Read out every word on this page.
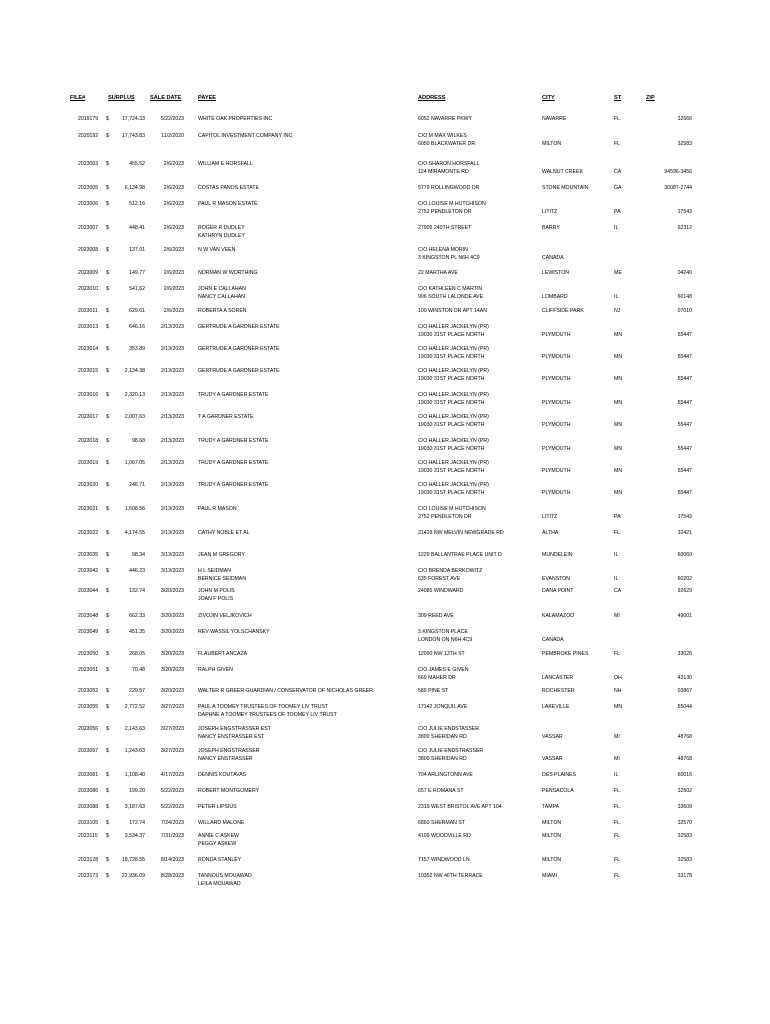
FILE#	SURPLUS	SALE DATE	PAYEE	ADDRESS	CITY	ST	ZIP
2019179 $	17,724.33	5/22/2023	WHITE OAK PROPERTIES INC	6052 NAVARRE PKWY	NAVARRE	FL	32566
2020192 $	17,743.83	11/2/2020	CAPITOL INVESTMENT COMPANY INC	C/O M MAX WILKES
6050 BLACKWATER DR	MILTON	FL	32583
2023003 $	455.52	2/6/2023	WILLIAM E HORSFALL	C/O SHARON HORSFALL
124 MIRAMONTE RD	WALNUT CREEK	CA	94596-3456
2023005 $	6,134.98	2/6/2023	COSTAS PANOS ESTATE	5779 ROLLINGWOOD DR	STONE MOUNTAIN	GA	30087-2744
2023006 $	512.16	2/6/2023	PAUL R MASON ESTATE	C/O LOUISE M HUTCHISON
2752 PENDLETON DR	LITITZ	PA	17543
2023007 $	448.41	2/6/2023	ROGER R DUDLEY
KATHRYN DUDLEY
27905 240TH STREET	BARRY	IL	62312
2023008 $	137.01	2/6/2023	N W VAN VEEN	C/O HELENA MORIN
3 KINGSTON PL N6H 4C9	CANADA
2023009 $	149.77	2/6/2023	NORMAN W WORTHING	22 MARTHA AVE	LEWISTON	ME	04240
2023010 $	541.62	2/6/2023	JOHN E CALLAHAN
NANCY CALLAHAN
C/O KATHLEEN C MARTIN
906 SOUTH LALONDE AVE	LOMBARD	IL	60148
2023011 $	629.61	2/6/2023	ROBERTA A SOREN	100 WINSTON DR APT 14AN	CLIFFSIDE PARK	NJ	07010
2023013 $	646.16	2/13/2023	GERTRUDE A GARDNER ESTATE	C/O HALLER JACKELYN (PR)
19030 31ST PLACE NORTH	PLYMOUTH	MN	55447
2023014 $	353.89	2/13/2023	GERTRUDE A GARDNER ESTATE	C/O HALLER JACKELYN (PR)
19030 31ST PLACE NORTH	PLYMOUTH	MN	55447
2023015 $	2,134.38	2/13/2023	GERTRUDE A GARDNER ESTATE	C/O HALLER JACKELYN (PR)
19030 31ST PLACE NORTH	PLYMOUTH	MN	55447
2023016 $	2,320.13	2/13/2023	TRUDY A GARDNER ESTATE	C/O HALLER JACKELYN (PR)
19030 31ST PLACE NORTH	PLYMOUTH	MN	55447
2023017 $	2,007.63	2/13/2023	T A GARDNER ESTATE	C/O HALLER JACKELYN (PR)
19030 31ST PLACE NORTH	PLYMOUTH	MN	55447
2023018 $	98.68	2/13/2023	TRUDY A GARDNER ESTATE	C/O HALLER JACKELYN (PR)
19030 31ST PLACE NORTH	PLYMOUTH	MN	55447
2023019 $	1,067.05	2/13/2023	TRUDY A GARDNER ESTATE	C/O HALLER JACKELYN (PR)
19030 31ST PLACE NORTH	PLYMOUTH	MN	55447
2023020 $	246.71	2/13/2023	TRUDY A GARDNER ESTATE	C/O HALLER JACKELYN (PR)
19030 31ST PLACE NORTH	PLYMOUTH	MN	55447
2023021 $	1,508.56	2/13/2023	PAUL R MASON	C/O LOUISE M HUTCHISON
2752 PENDLETON DR	LITITZ	PA	17543
2023022 $	4,174.55	2/13/2023	CATHY NOBLE ET AL	21429 NW MELVIN NEWGRADE RD	ALTHA	FL	32421
2023035 $	98.34	3/13/2023	JEAN M GREGORY	1229 BALLANTRAE PLACE UNIT D	MUNDELEIN	IL	60060
2023042 $	446.23	3/13/2023	H L SEIDMAN
BERNICE SEIDMAN
C/O BRENDA BERKOWITZ
635 FOREST AVE	EVANSTON	IL	60202
2023044 $	132.74	3/20/2023	JOHN M POLIS
JOAN F POLIS
24085 WINDWARD	DANA POINT	CA	92629
2023048 $	662.33	3/20/2023	ZIVOJIN VELJKOVICH	309 REED AVE	KALAMAZOO	MI	49001
2023049 $	451.35	3/20/2023	REV WASSIL YOLSCHANSKY	3 KINGSTON PLACE
LONDON ON N6H 4C9	CANADA
2023050 $	268.05	3/20/2023	FLAUBERT ANCAZA	12090 NW 13TH ST	PEMBROKE PINES	FL	33026
2023051 $	70.48	3/20/2023	RALPH GIVEN	C/O JAMES E GIVEN
669 MAHER DR	LANCASTER	OH	43130
2023052 $	229.57	3/20/2023	WALTER R GREER GUARDIAN / CONSERVATOR OF NICHOLAS GREER	589 PINE ST	ROCHESTER	NH	03867
2023055 $	2,772.52	3/27/2023	PAUL A TOOMEY TRUSTEES OF TOOMEY LIV TRUST
DAPHNE A TOOMEY TRUSTEES OF TOOMEY LIV TRUST
17142 JONQUIL AVE	LAKEVILLE	MN	55044
2023056 $	2,143.63	3/27/2023	JOSEPH ENGSTRASSER EST
NANCY ENSTRASSER EST
C/O JULIE ENDSTASSER
3800 SHERIDAN RD	VASSAR	MI	48768
2023057 $	1,243.63	3/27/2023	JOSEPH ENGSTRASSER
NANCY ENSTRASSER
C/O JULIE ENDSTRASSER
3800 SHERIDAN RD	VASSAR	MI	48768
2023081 $	1,108.40	4/17/2023	DENNIS KOUTAVAS	704 ARLINGTONN AVE	DES PLAINES	IL	60016
2023086 $	199.20	5/22/2023	ROBERT MONTGOMERY	657 E ROMANA ST	PENSACOLA	FL	32502
2023088 $	3,187.63	5/22/2023	PETER LIPSIUS	2319 WEST BRISTOL AVE APT 104	TAMPA	FL	33609
2023105 $	172.74	7/24/2023	WILLARD MALONE	6860 SHERMAN ST	MILTON	FL	32570
2023115 $	3,534.37	7/31/2023	ANNIE C ASKEW
PEGGY ASKEW
4109 WOODVILLE RD	MILTON	FL	32583
2023128 $	18,728.55	8/14/2023	RONDA STANLEY	7157 WINDWOOD LN	MILTON	FL	32583
2023173 $	22,936.09	8/28/2023	TANNOUS MOUAWAD
LEILA MOUAWAD
10352 NW 46TH TERRACE	MIAMI	FL	33178
